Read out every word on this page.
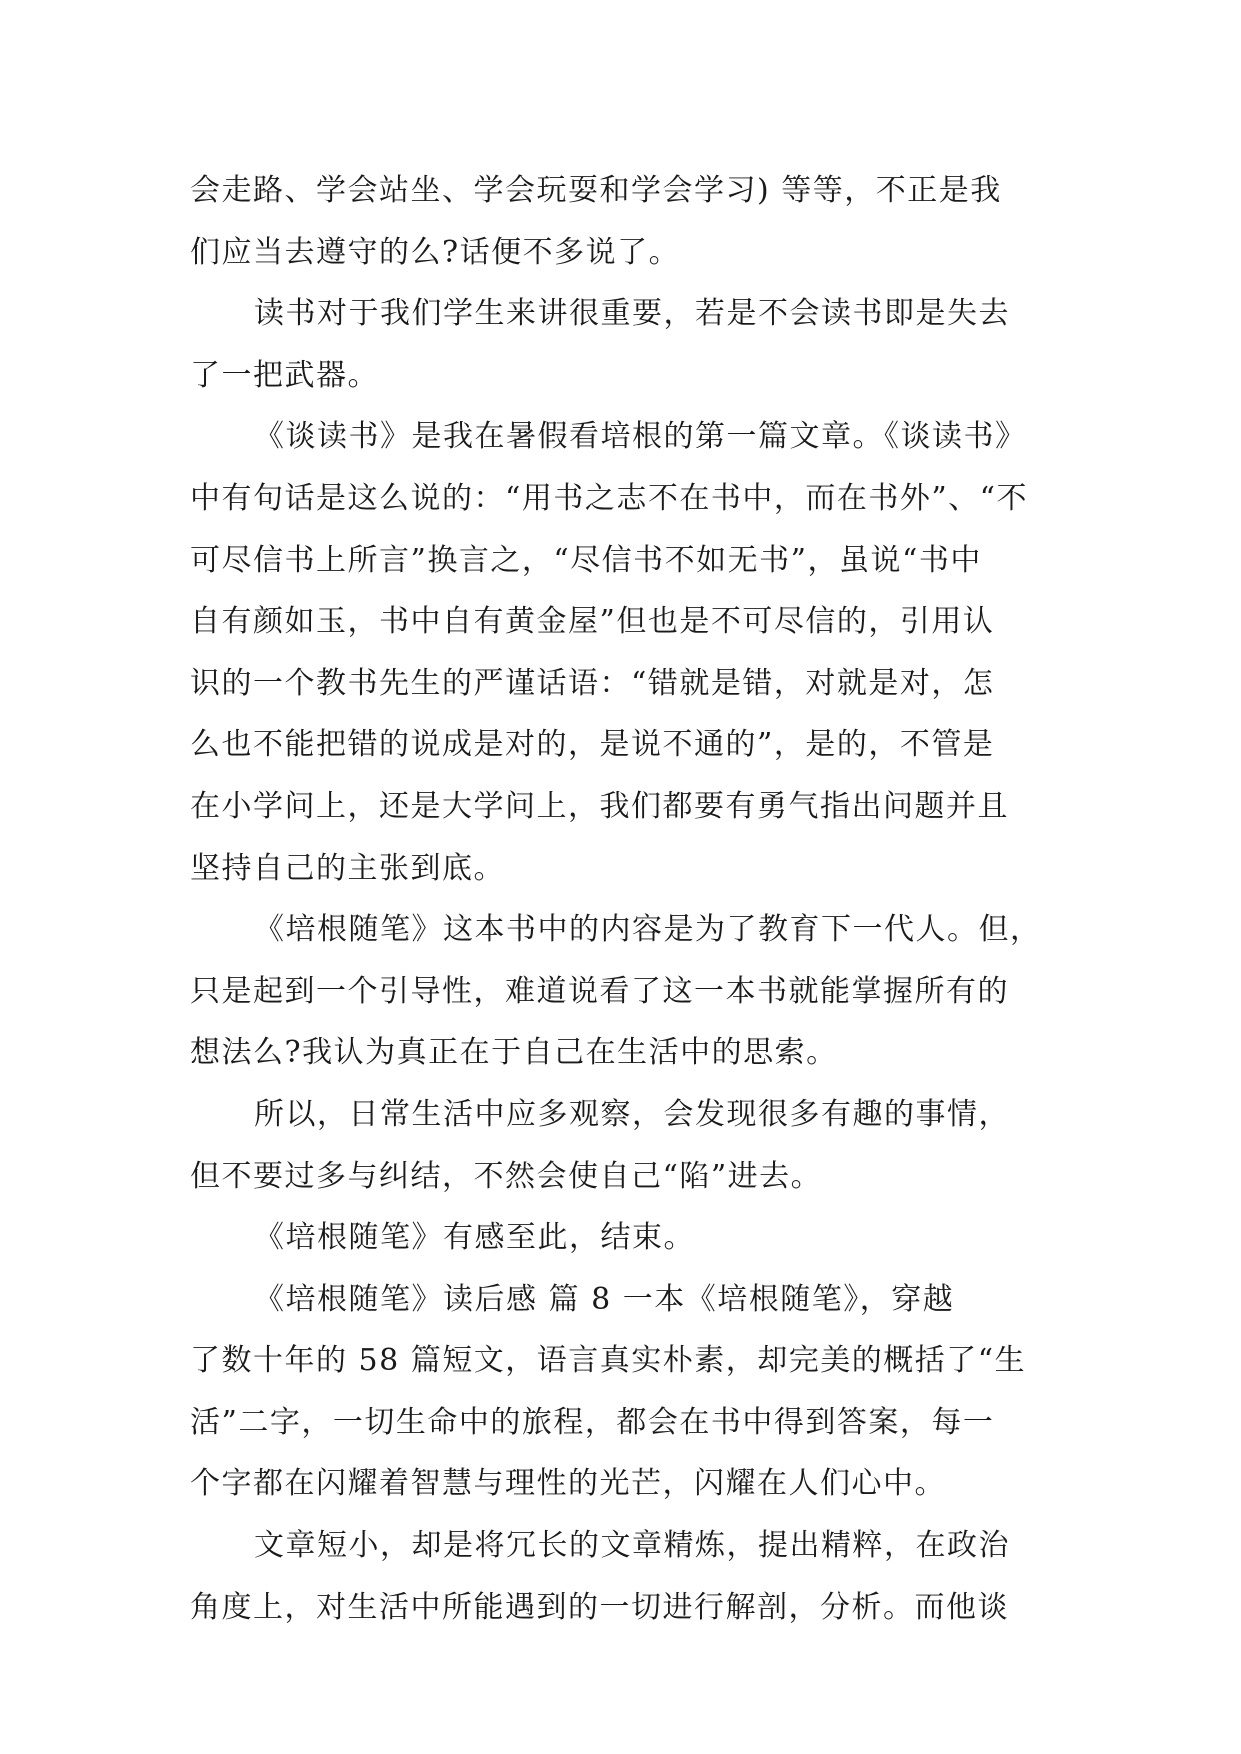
会走路、学会站坐、学会玩耍和学会学习) 等等，不正是我
们应当去遵守的么?话便不多说了。
读书对于我们学生来讲很重要，若是不会读书即是失去
了一把武器。
《谈读书》是我在暑假看培根的第一篇文章。《谈读书》
中有句话是这么说的：“用书之志不在书中，而在书外”、“不
可尽信书上所言”换言之，“尽信书不如无书”，虽说“书中
自有颜如玉，书中自有黄金屋”但也是不可尽信的，引用认
识的一个教书先生的严谨话语：“错就是错，对就是对，怎
么也不能把错的说成是对的，是说不通的”，是的，不管是
在小学问上，还是大学问上，我们都要有勇气指出问题并且
坚持自己的主张到底。
《培根随笔》这本书中的内容是为了教育下一代人。但，
只是起到一个引导性，难道说看了这一本书就能掌握所有的
想法么?我认为真正在于自己在生活中的思索。
所以，日常生活中应多观察，会发现很多有趣的事情，
但不要过多与纠结，不然会使自己“陷”进去。
《培根随笔》有感至此，结束。
《培根随笔》读后感 篇 8 一本《培根随笔》，穿越
了数十年的 58 篇短文，语言真实朴素，却完美的概括了“生
活”二字，一切生命中的旅程，都会在书中得到答案，每一
个字都在闪耀着智慧与理性的光芒，闪耀在人们心中。
文章短小，却是将冗长的文章精炼，提出精粹，在政治
角度上，对生活中所能遇到的一切进行解剖，分析。而他谈
